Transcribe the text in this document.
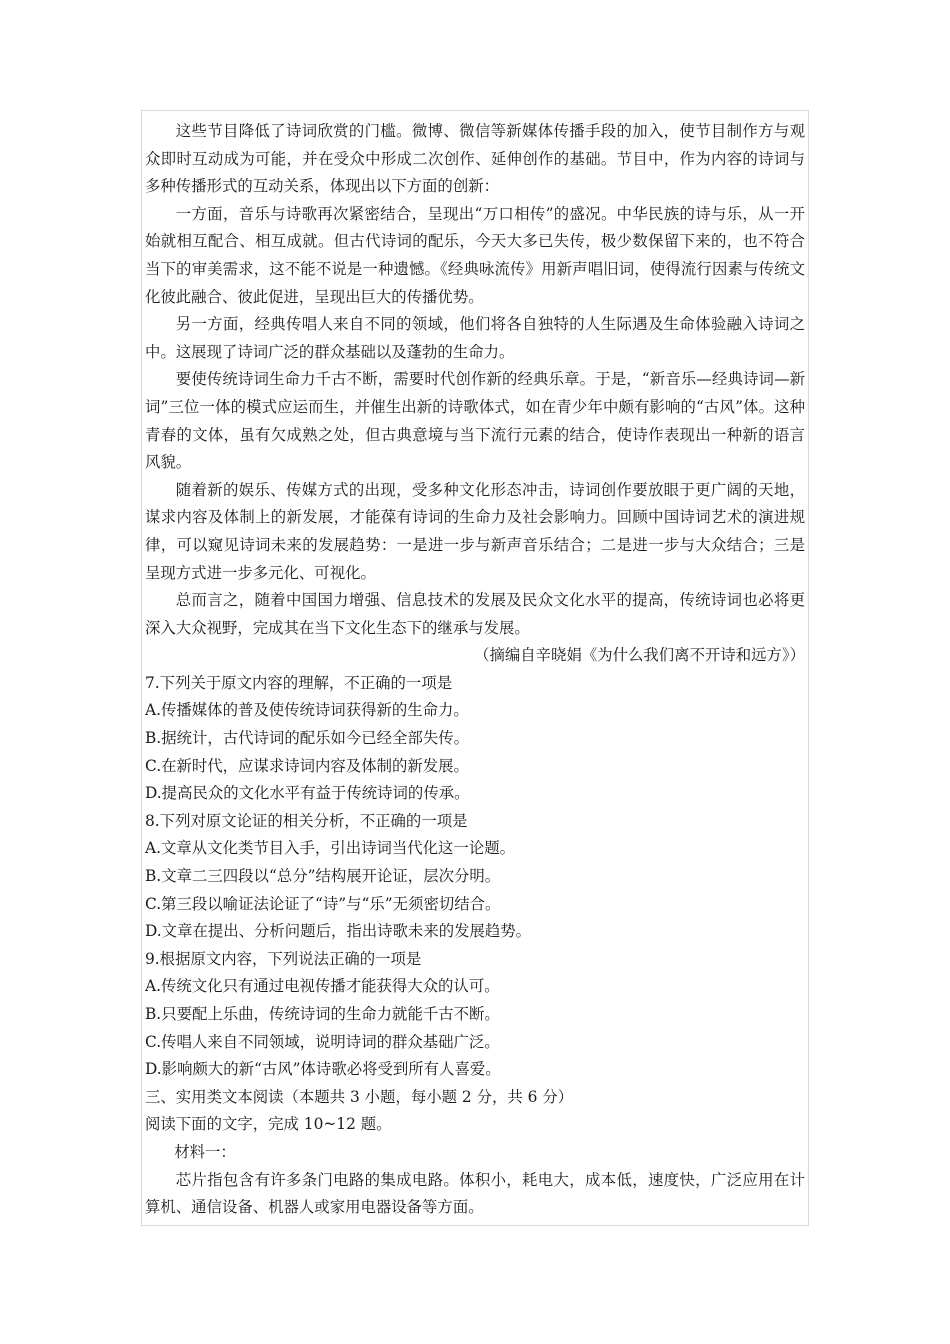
这些节目降低了诗词欣赏的门槛。微博、微信等新媒体传播手段的加入，使节目制作方与观众即时互动成为可能，并在受众中形成二次创作、延伸创作的基础。节目中，作为内容的诗词与多种传播形式的互动关系，体现出以下方面的创新：

一方面，音乐与诗歌再次紧密结合，呈现出“万口相传”的盛况。中华民族的诗与乐，从一开始就相互配合、相互成就。但古代诗词的配乐，今天大多已失传，极少数保留下来的，也不符合当下的审美需求，这不能不说是一种遗憾。《经典咏流传》用新声唱旧词，使得流行因素与传统文化彼此融合、彼此促进，呈现出巨大的传播优势。

另一方面，经典传唱人来自不同的领域，他们将各自独特的人生际遇及生命体验融入诗词之中。这展现了诗词广泛的群众基础以及蓬勃的生命力。

要使传统诗词生命力千古不断，需要时代创作新的经典乐章。于是，“新音乐—经典诗词—新词”三位一体的模式应运而生，并催生出新的诗歌体式，如在青少年中颇有影响的“古风”体。这种青春的文体，虽有欠成熟之处，但古典意境与当下流行元素的结合，使诗作表现出一种新的语言风貌。

随着新的娱乐、传媒方式的出现，受多种文化形态冲击，诗词创作要放眼于更广阔的天地，谋求内容及体制上的新发展，才能葆有诗词的生命力及社会影响力。回顾中国诗词艺术的演进规律，可以窥见诗词未来的发展趋势：一是进一步与新声音乐结合；二是进一步与大众结合；三是呈现方式进一步多元化、可视化。

总而言之，随着中国国力增强、信息技术的发展及民众文化水平的提高，传统诗词也必将更深入大众视野，完成其在当下文化生态下的继承与发展。

（摘编自辛晓娟《为什么我们离不开诗和远方》）

7.下列关于原文内容的理解，不正确的一项是

A.传播媒体的普及使传统诗词获得新的生命力。

B.据统计，古代诗词的配乐如今已经全部失传。

C.在新时代，应谋求诗词内容及体制的新发展。

D.提高民众的文化水平有益于传统诗词的传承。

8.下列对原文论证的相关分析，不正确的一项是

A.文章从文化类节目入手，引出诗词当代化这一论题。

B.文章二三四段以“总分”结构展开论证，层次分明。

C.第三段以喻证法论证了“诗”与“乐”无须密切结合。

D.文章在提出、分析问题后，指出诗歌未来的发展趋势。

9.根据原文内容，下列说法正确的一项是

A.传统文化只有通过电视传播才能获得大众的认可。

B.只要配上乐曲，传统诗词的生命力就能千古不断。

C.传唱人来自不同领域，说明诗词的群众基础广泛。

D.影响颇大的新“古风”体诗歌必将受到所有人喜爱。

三、实用类文本阅读（本题共 3 小题，每小题 2 分，共 6 分）

阅读下面的文字，完成 10~12 题。

材料一：

芯片指包含有许多条门电路的集成电路。体积小，耗电大，成本低，速度快，广泛应用在计算机、通信设备、机器人或家用电器设备等方面。
